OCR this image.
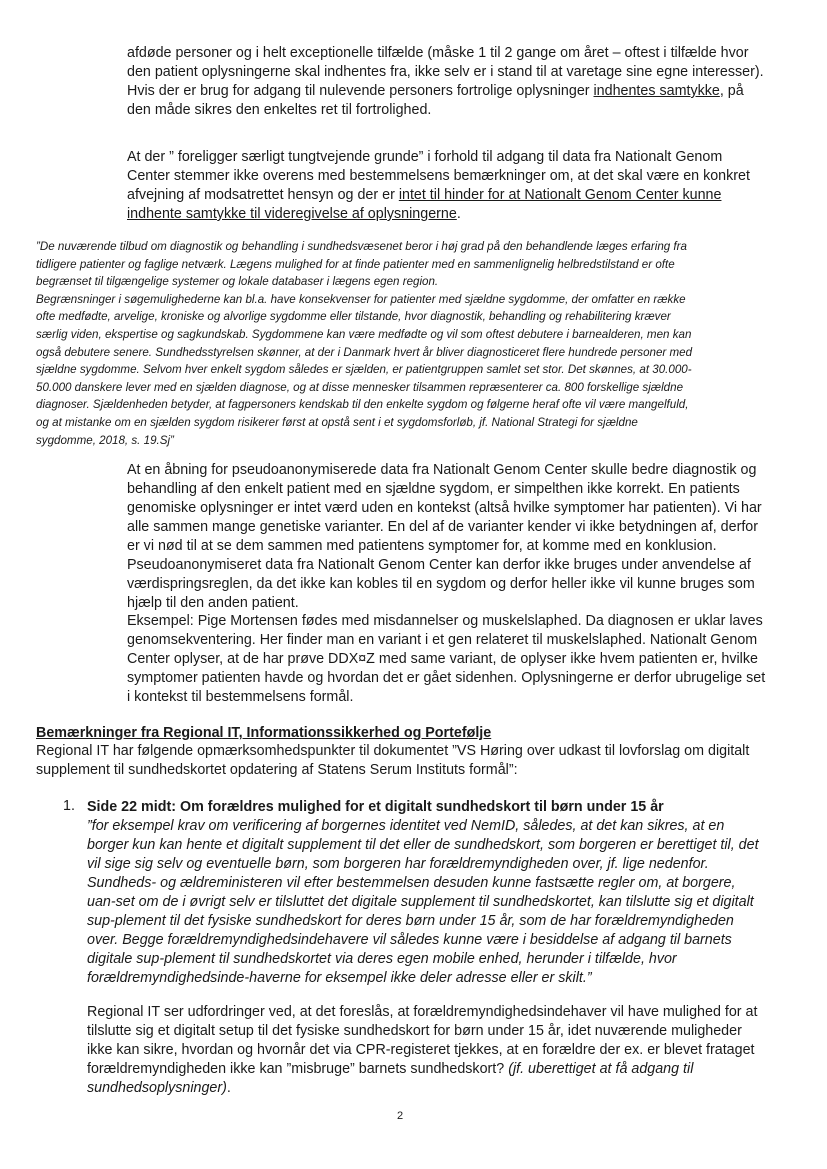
afdøde personer og i helt exceptionelle tilfælde (måske 1 til 2 gange om året – oftest i tilfælde hvor den patient oplysningerne skal indhentes fra, ikke selv er i stand til at varetage sine egne interesser). Hvis der er brug for adgang til nulevende personers fortrolige oplysninger indhentes samtykke, på den måde sikres den enkeltes ret til fortrolighed.

At der ” foreligger særligt tungtvejende grunde” i forhold til adgang til data fra Nationalt Genom Center stemmer ikke overens med bestemmelsens bemærkninger om, at det skal være en konkret afvejning af modsatrettet hensyn og der er intet til hinder for at Nationalt Genom Center kunne indhente samtykke til videregivelse af oplysningerne.

”De nuværende tilbud om diagnostik og behandling i sundhedsvæsenet beror i høj grad på den behandlende læges erfaring fra
tidligere patienter og faglige netværk. Lægens mulighed for at finde patienter med en sammenlignelig helbredstilstand er ofte
begrænset til tilgængelige systemer og lokale databaser i lægens egen region.
Begrænsninger i søgemulighederne kan bl.a. have konsekvenser for patienter med sjældne sygdomme, der omfatter en række
ofte medfødte, arvelige, kroniske og alvorlige sygdomme eller tilstande, hvor diagnostik, behandling og rehabilitering kræver
særlig viden, ekspertise og sagkundskab. Sygdommene kan være medfødte og vil som oftest debutere i barnealderen, men kan
også debutere senere. Sundhedsstyrelsen skønner, at der i Danmark hvert år bliver diagnosticeret flere hundrede personer med
sjældne sygdomme. Selvom hver enkelt sygdom således er sjælden, er patientgruppen samlet set stor. Det skønnes, at 30.000-
50.000 danskere lever med en sjælden diagnose, og at disse mennesker tilsammen repræsenterer ca. 800 forskellige sjældne
diagnoser. Sjældenheden betyder, at fagpersoners kendskab til den enkelte sygdom og følgerne heraf ofte vil være mangelfuld,
og at mistanke om en sjælden sygdom risikerer først at opstå sent i et sygdomsforløb, jf. National Strategi for sjældne
sygdomme, 2018, s. 19.Sj”

At en åbning for pseudoanonymiserede data fra Nationalt Genom Center skulle bedre diagnostik og behandling af den enkelt patient med en sjældne sygdom, er simpelthen ikke korrekt. En patients genomiske oplysninger er intet værd uden en kontekst (altså hvilke symptomer har patienten). Vi har alle sammen mange genetiske varianter. En del af de varianter kender vi ikke betydningen af, derfor er vi nød til at se dem sammen med patientens symptomer for, at komme med en konklusion. Pseudoanonymiseret data fra Nationalt Genom Center kan derfor ikke bruges under anvendelse af værdispringsreglen, da det ikke kan kobles til en sygdom og derfor heller ikke vil kunne bruges som hjælp til den anden patient.

Eksempel: Pige Mortensen fødes med misdannelser og muskelslaphed. Da diagnosen er uklar laves genomsekventering. Her finder man en variant i et gen relateret til muskelslaphed. Nationalt Genom Center oplyser, at de har prøve DDX¤Z med same variant, de oplyser ikke hvem patienten er, hvilke symptomer patienten havde og hvordan det er gået sidenhen. Oplysningerne er derfor ubrugelige set i kontekst til bestemmelsens formål.

Bemærkninger fra Regional IT, Informationssikkerhed og Portefølje

Regional IT har følgende opmærksomhedspunkter til dokumentet ”VS Høring over udkast til lovforslag om digitalt supplement til sundhedskortet opdatering af Statens Serum Instituts formål”:

1. Side 22 midt: Om forældres mulighed for et digitalt sundhedskort til børn under 15 år

”for eksempel krav om verificering af borgernes identitet ved NemID, således, at det kan sikres, at en borger kun kan hente et digitalt supplement til det eller de sundhedskort, som borgeren er berettiget til, det vil sige sig selv og eventuelle børn, som borgeren har forældremyndigheden over, jf. lige nedenfor. Sundheds- og ældreministeren vil efter bestemmelsen desuden kunne fastsætte regler om, at borgere, uan-set om de i øvrigt selv er tilsluttet det digitale supplement til sundhedskortet, kan tilslutte sig et digitalt sup-plement til det fysiske sundhedskort for deres børn under 15 år, som de har forældremyndigheden over. Begge forældremyndighedsindehavere vil således kunne være i besiddelse af adgang til barnets digitale sup-plement til sundhedskortet via deres egen mobile enhed, herunder i tilfælde, hvor forældremyndighedsinde-haverne for eksempel ikke deler adresse eller er skilt.”

Regional IT ser udfordringer ved, at det foreslås, at forældremyndighedsindehaver vil have mulighed for at tilslutte sig et digitalt setup til det fysiske sundhedskort for børn under 15 år, idet nuværende muligheder ikke kan sikre, hvordan og hvornår det via CPR-registeret tjekkes, at en forældre der ex. er blevet frataget forældremyndigheden ikke kan ”misbruge” barnets sundhedskort? (jf. uberettiget at få adgang til sundhedsoplysninger).

2
